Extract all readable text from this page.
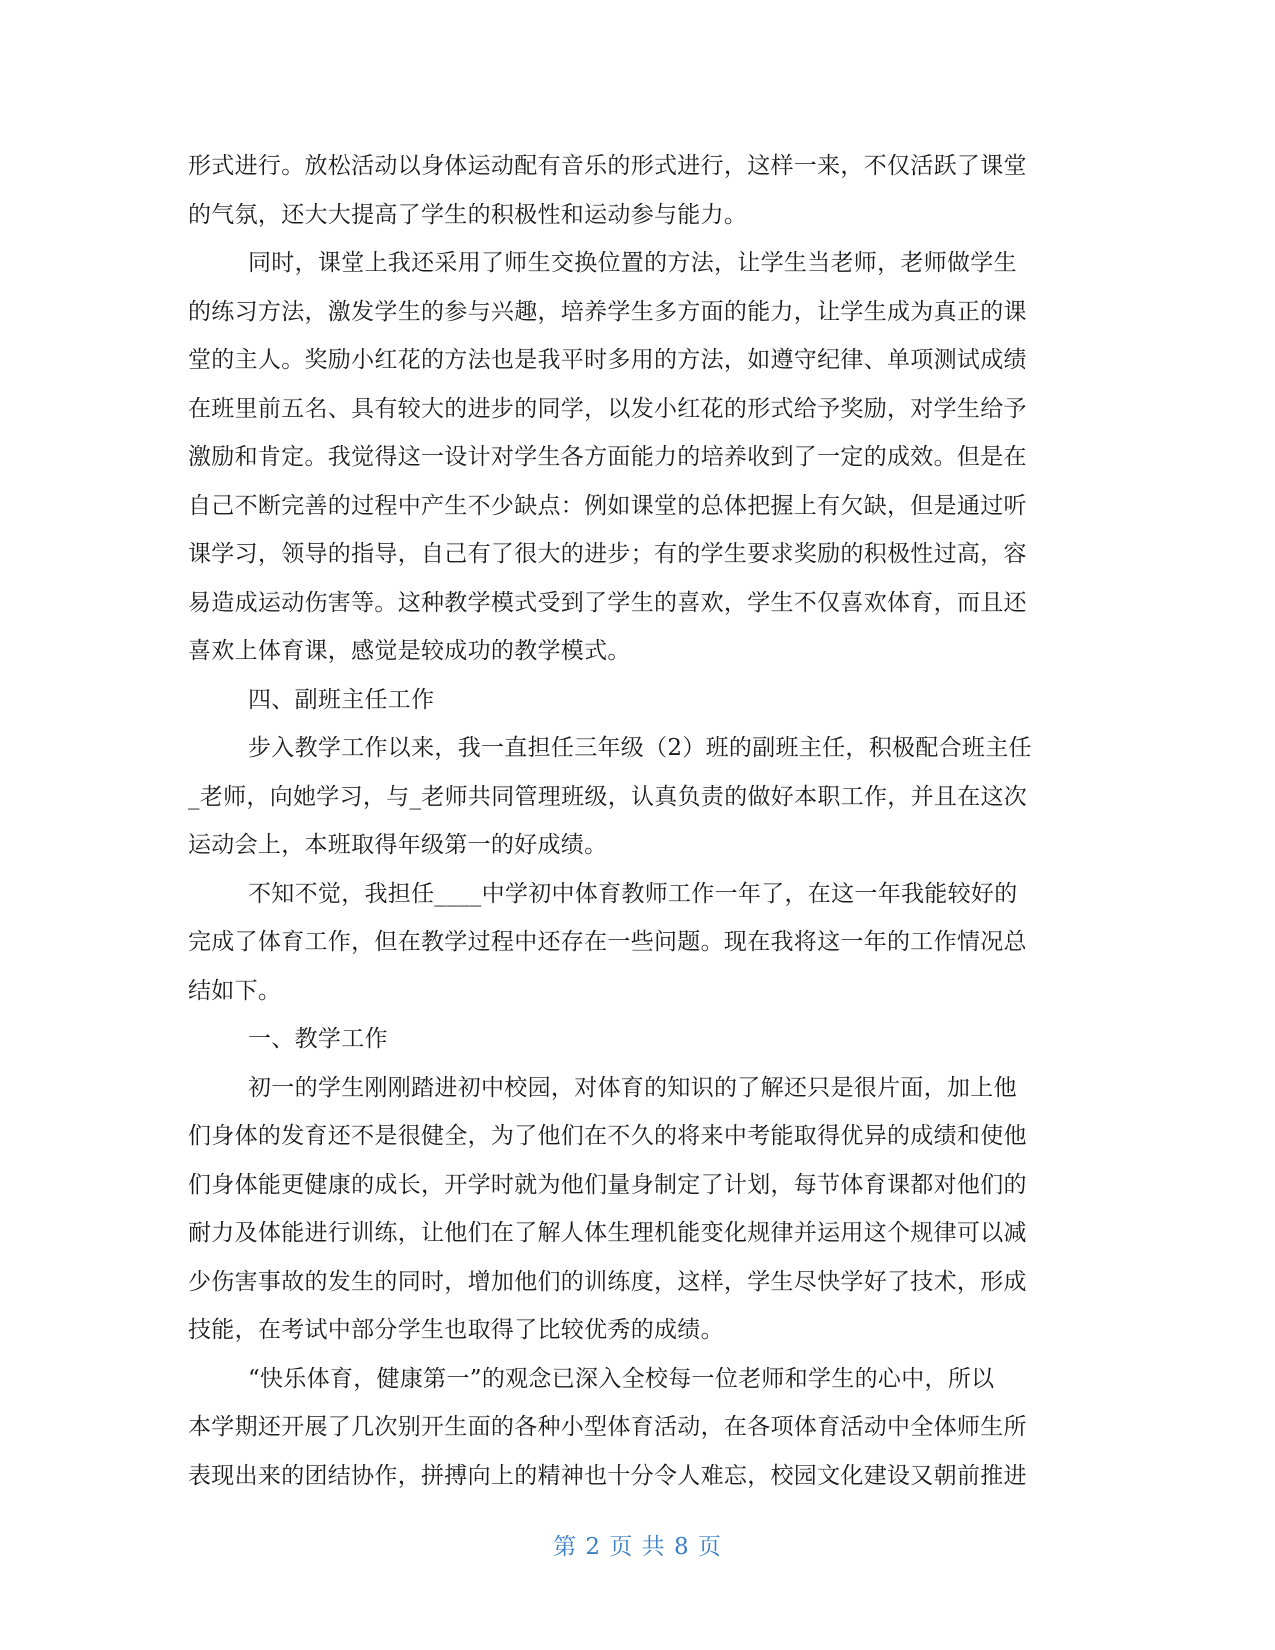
形式进行。放松活动以身体运动配有音乐的形式进行，这样一来，不仅活跃了课堂
的气氛，还大大提高了学生的积极性和运动参与能力。
同时，课堂上我还采用了师生交换位置的方法，让学生当老师，老师做学生
的练习方法，激发学生的参与兴趣，培养学生多方面的能力，让学生成为真正的课
堂的主人。奖励小红花的方法也是我平时多用的方法，如遵守纪律、单项测试成绩
在班里前五名、具有较大的进步的同学，以发小红花的形式给予奖励，对学生给予
激励和肯定。我觉得这一设计对学生各方面能力的培养收到了一定的成效。但是在
自己不断完善的过程中产生不少缺点：例如课堂的总体把握上有欠缺，但是通过听
课学习，领导的指导，自己有了很大的进步；有的学生要求奖励的积极性过高，容
易造成运动伤害等。这种教学模式受到了学生的喜欢，学生不仅喜欢体育，而且还
喜欢上体育课，感觉是较成功的教学模式。
四、副班主任工作
步入教学工作以来，我一直担任三年级（2）班的副班主任，积极配合班主任
_老师，向她学习，与_老师共同管理班级，认真负责的做好本职工作，并且在这次
运动会上，本班取得年级第一的好成绩。
不知不觉，我担任____中学初中体育教师工作一年了，在这一年我能较好的
完成了体育工作，但在教学过程中还存在一些问题。现在我将这一年的工作情况总
结如下。
一、教学工作
初一的学生刚刚踏进初中校园，对体育的知识的了解还只是很片面，加上他
们身体的发育还不是很健全，为了他们在不久的将来中考能取得优异的成绩和使他
们身体能更健康的成长，开学时就为他们量身制定了计划，每节体育课都对他们的
耐力及体能进行训练，让他们在了解人体生理机能变化规律并运用这个规律可以减
少伤害事故的发生的同时，增加他们的训练度，这样，学生尽快学好了技术，形成
技能，在考试中部分学生也取得了比较优秀的成绩。
“快乐体育，健康第一”的观念已深入全校每一位老师和学生的心中，所以
本学期还开展了几次别开生面的各种小型体育活动，在各项体育活动中全体师生所
表现出来的团结协作，拼搏向上的精神也十分令人难忘，校园文化建设又朝前推进
第 2 页 共 8 页
